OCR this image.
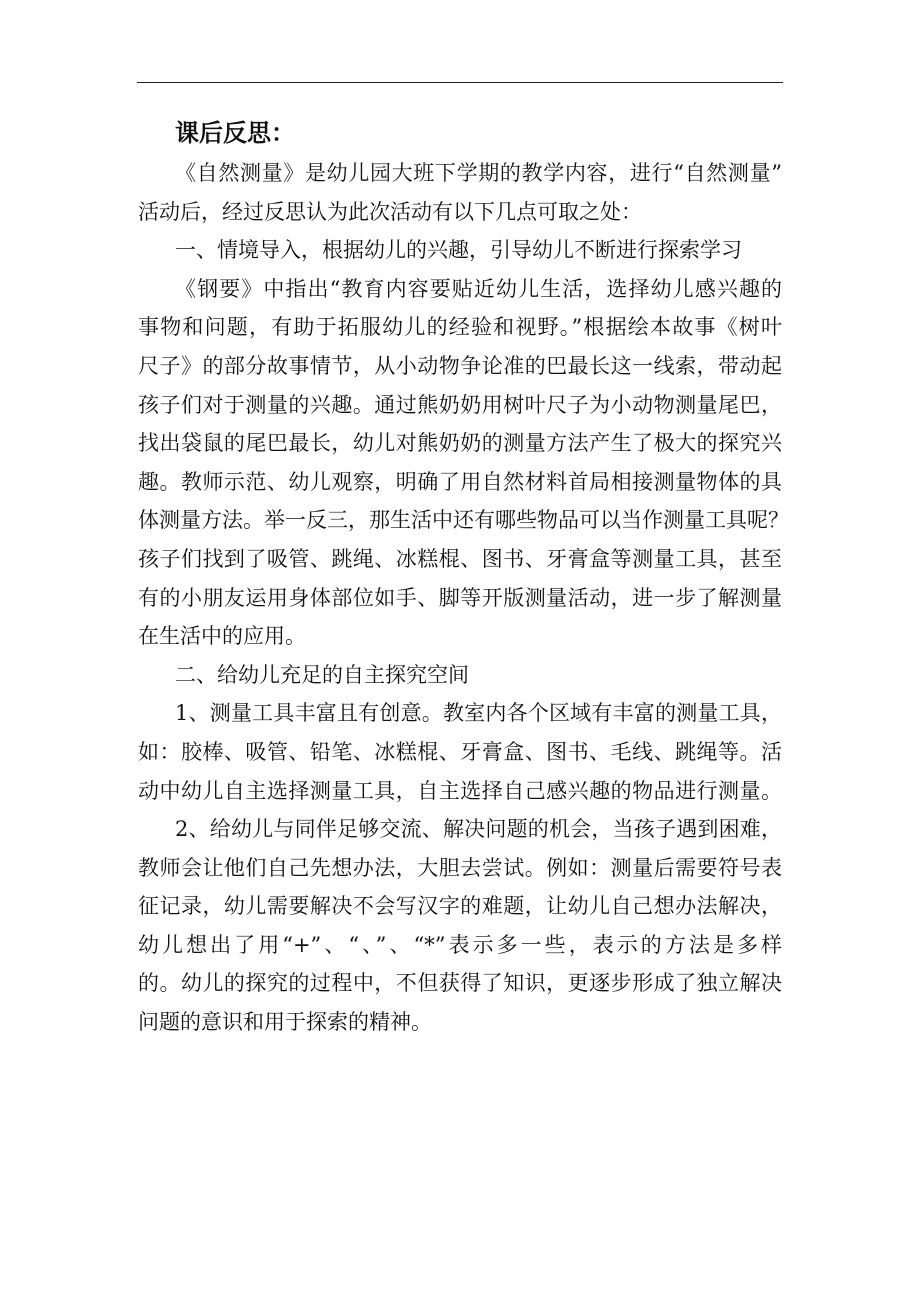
课后反思：
《自然测量》是幼儿园大班下学期的教学内容，进行“自然测量”
活动后，经过反思认为此次活动有以下几点可取之处：
一、情境导入，根据幼儿的兴趣，引导幼儿不断进行探索学习
《钢要》中指出“教育内容要贴近幼儿生活，选择幼儿感兴趣的
事物和问题，有助于拓服幼儿的经验和视野。”根据绘本故事《树叶
尺子》的部分故事情节，从小动物争论准的巴最长这一线索，带动起
孩子们对于测量的兴趣。通过熊奶奶用树叶尺子为小动物测量尾巴，
找出袋鼠的尾巴最长，幼儿对熊奶奶的测量方法产生了极大的探究兴
趣。教师示范、幼儿观察，明确了用自然材料首局相接测量物体的具
体测量方法。举一反三，那生活中还有哪些物品可以当作测量工具呢？
孩子们找到了吸管、跳绳、冰糕棍、图书、牙膏盒等测量工具，甚至
有的小朋友运用身体部位如手、脚等开版测量活动，进一步了解测量
在生活中的应用。
二、给幼儿充足的自主探究空间
1、测量工具丰富且有创意。教室内各个区域有丰富的测量工具，
如：胶棒、吸管、铅笔、冰糕棍、牙膏盒、图书、毛线、跳绳等。活
动中幼儿自主选择测量工具，自主选择自己感兴趣的物品进行测量。
2、给幼儿与同伴足够交流、解决问题的机会，当孩子遇到困难，
教师会让他们自己先想办法，大胆去尝试。例如：测量后需要符号表
征记录，幼儿需要解决不会写汉字的难题，让幼儿自己想办法解决，
幼儿想出了用“+”、“、”、“*”表示多一些，表示的方法是多样
的。幼儿的探究的过程中，不但获得了知识，更逐步形成了独立解决
问题的意识和用于探索的精神。
